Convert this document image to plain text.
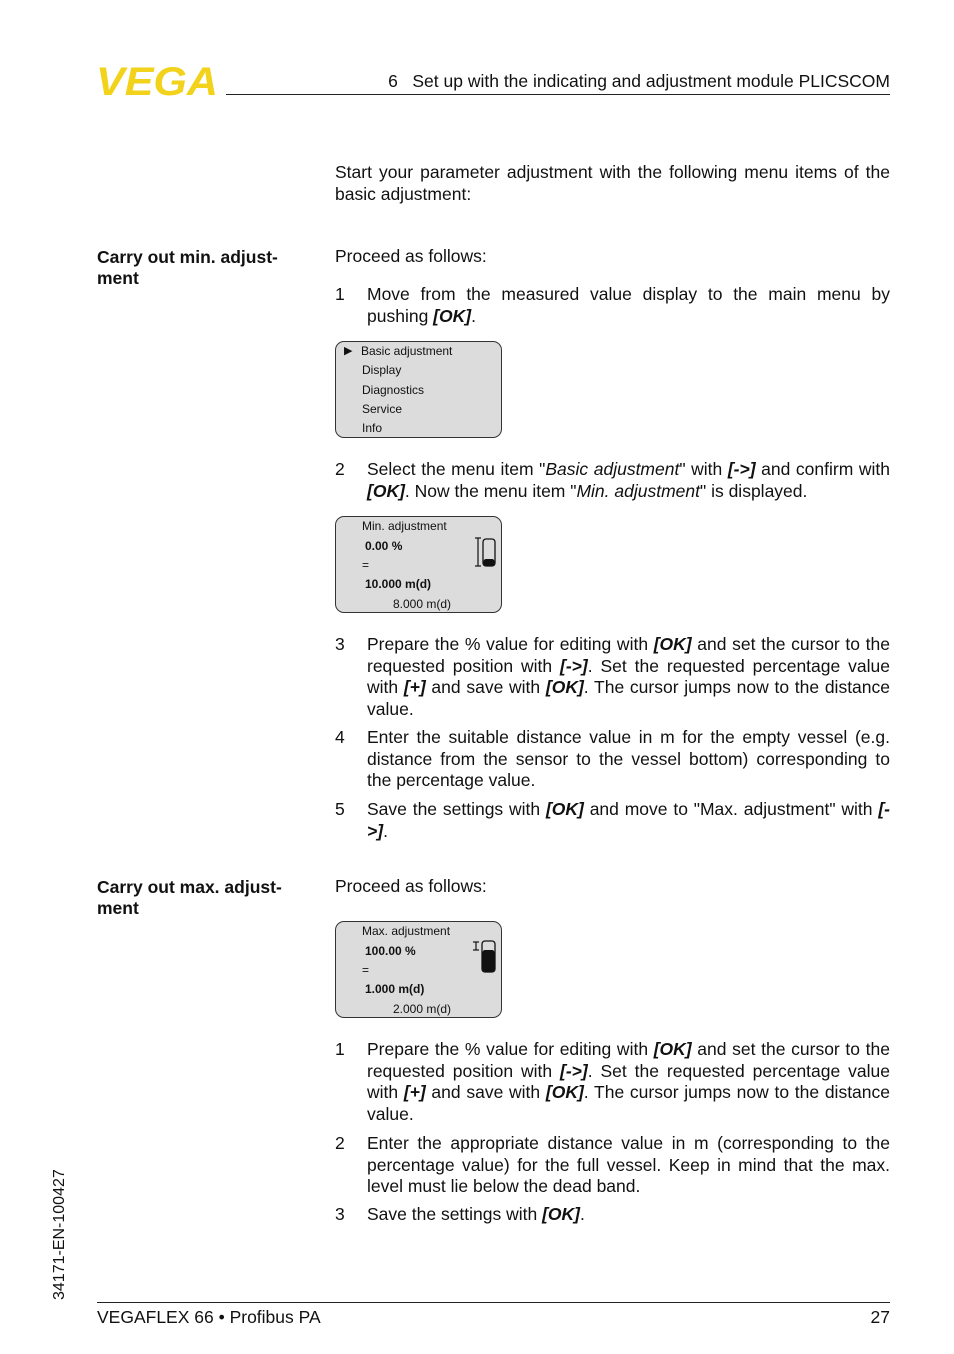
VEGA	6   Set up with the indicating and adjustment module PLICSCOM
Start your parameter adjustment with the following menu items of the basic adjustment:
Carry out min. adjust-
ment
Proceed as follows:
1 Move from the measured value display to the main menu by pushing [OK].
▶ Basic adjustment
Display
Diagnostics
Service
Info
2 Select the menu item "Basic adjustment" with [->] and confirm with [OK]. Now the menu item "Min. adjustment" is displayed.
Min. adjustment
0.00 %
=
10.000 m(d)
8.000 m(d)
3 Prepare the % value for editing with [OK] and set the cursor to the requested position with [->]. Set the requested percentage value with [+] and save with [OK]. The cursor jumps now to the distance value.
4 Enter the suitable distance value in m for the empty vessel (e.g. distance from the sensor to the vessel bottom) corresponding to the percentage value.
5 Save the settings with [OK] and move to "Max. adjustment" with [->].
Carry out max. adjust-
ment
Proceed as follows:
Max. adjustment
100.00 %
=
1.000 m(d)
2.000 m(d)
1 Prepare the % value for editing with [OK] and set the cursor to the requested position with [->]. Set the requested percentage value with [+] and save with [OK]. The cursor jumps now to the distance value.
2 Enter the appropriate distance value in m (corresponding to the percentage value) for the full vessel. Keep in mind that the max. level must lie below the dead band.
3 Save the settings with [OK].
34171-EN-100427
VEGAFLEX 66 • Profibus PA	27
